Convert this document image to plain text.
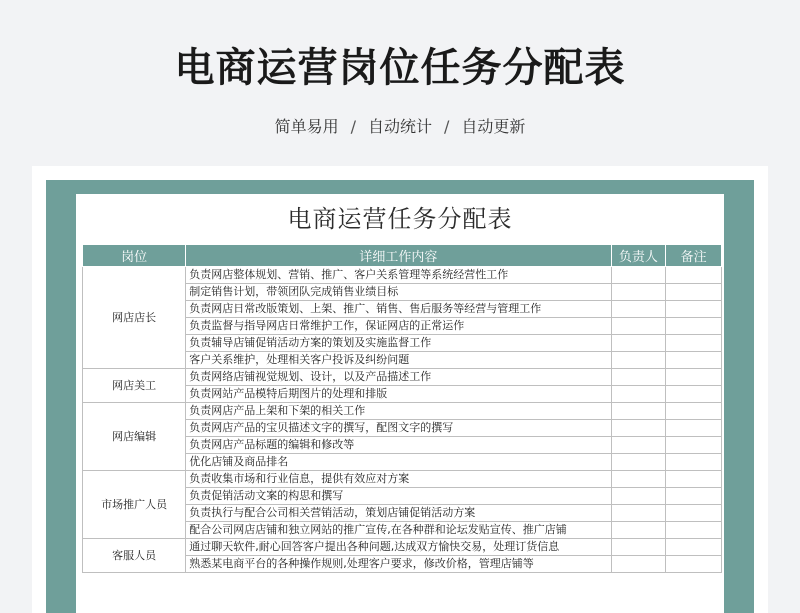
电商运营岗位任务分配表
简单易用 / 自动统计 / 自动更新
电商运营任务分配表
岗位	详细工作内容	负责人	备注
网店店长	负责网店整体规划、营销、推广、客户关系管理等系统经营性工作		
	制定销售计划，带领团队完成销售业绩目标		
	负责网店日常改版策划、上架、推广、销售、售后服务等经营与管理工作		
	负责监督与指导网店日常维护工作，保证网店的正常运作		
	负责辅导店铺促销活动方案的策划及实施监督工作		
	客户关系维护，处理相关客户投诉及纠纷问题		
网店美工	负责网络店铺视觉规划、设计，以及产品描述工作		
	负责网站产品模特后期图片的处理和排版		
网店编辑	负责网店产品上架和下架的相关工作		
	负责网店产品的宝贝描述文字的撰写，配图文字的撰写		
	负责网店产品标题的编辑和修改等		
	优化店铺及商品排名		
市场推广人员	负责收集市场和行业信息，提供有效应对方案		
	负责促销活动文案的构思和撰写		
	负责执行与配合公司相关营销活动，策划店铺促销活动方案		
	配合公司网店店铺和独立网站的推广宣传,在各种群和论坛发贴宣传、推广店铺		
客服人员	通过聊天软件,耐心回答客户提出各种问题,达成双方愉快交易，处理订货信息		
	熟悉某电商平台的各种操作规则,处理客户要求，修改价格，管理店铺等		
